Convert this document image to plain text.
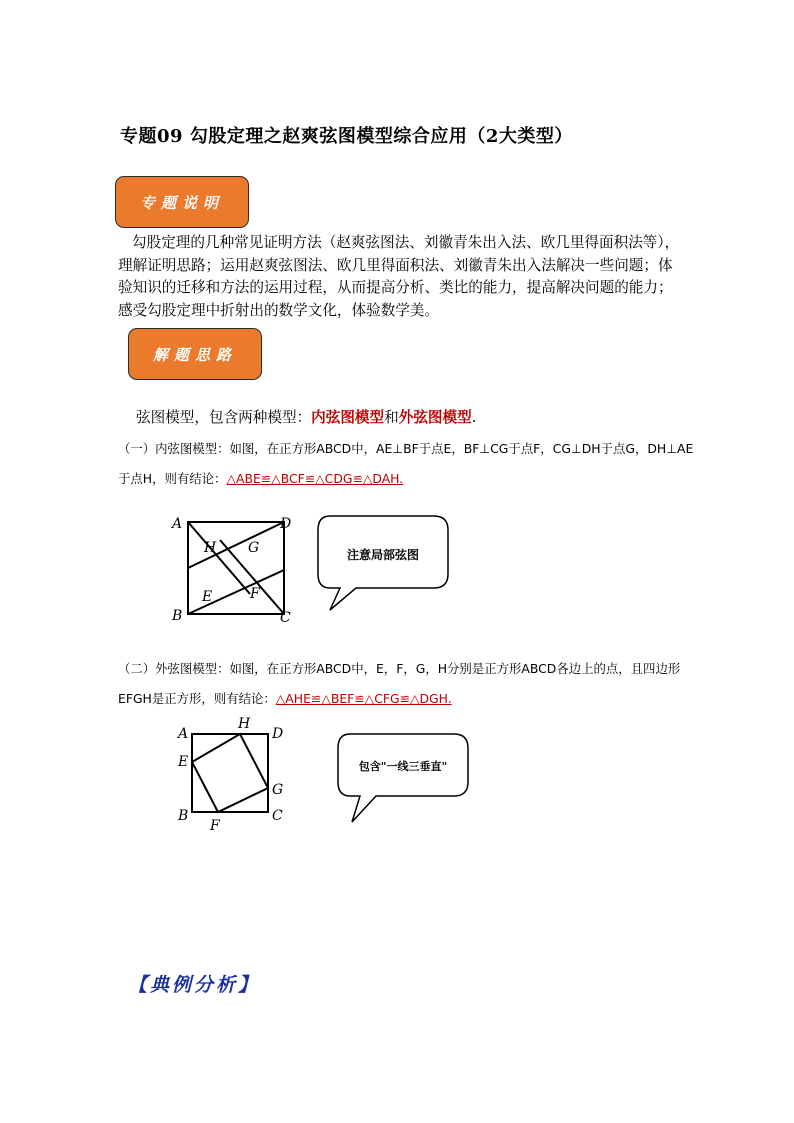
专题09 勾股定理之赵爽弦图模型综合应用（2大类型）
专题说明
勾股定理的几种常见证明方法（赵爽弦图法、刘徽青朱出入法、欧几里得面积法等），理解证明思路；运用赵爽弦图法、欧几里得面积法、刘徽青朱出入法解决一些问题；体验知识的迁移和方法的运用过程，从而提高分析、类比的能力，提高解决问题的能力；感受勾股定理中折射出的数学文化，体验数学美。
解题思路
弦图模型，包含两种模型：内弦图模型和外弦图模型.
（一）内弦图模型：如图，在正方形ABCD中，AE⊥BF于点E，BF⊥CG于点F，CG⊥DH于点G，DH⊥AE于点H，则有结论：△ABE≌△BCF≌△CDG≌△DAH.
A
B	C
D
E	F
G
H	注意局部弦图
（二）外弦图模型：如图，在正方形ABCD中，E，F，G，H分别是正方形ABCD各边上的点，且四边形EFGH是正方形，则有结论：△AHE≌△BEF≌△CFG≌△DGH.
A
B	C
D
E
F
G
H
包含"一线三垂直"
【典例分析】
